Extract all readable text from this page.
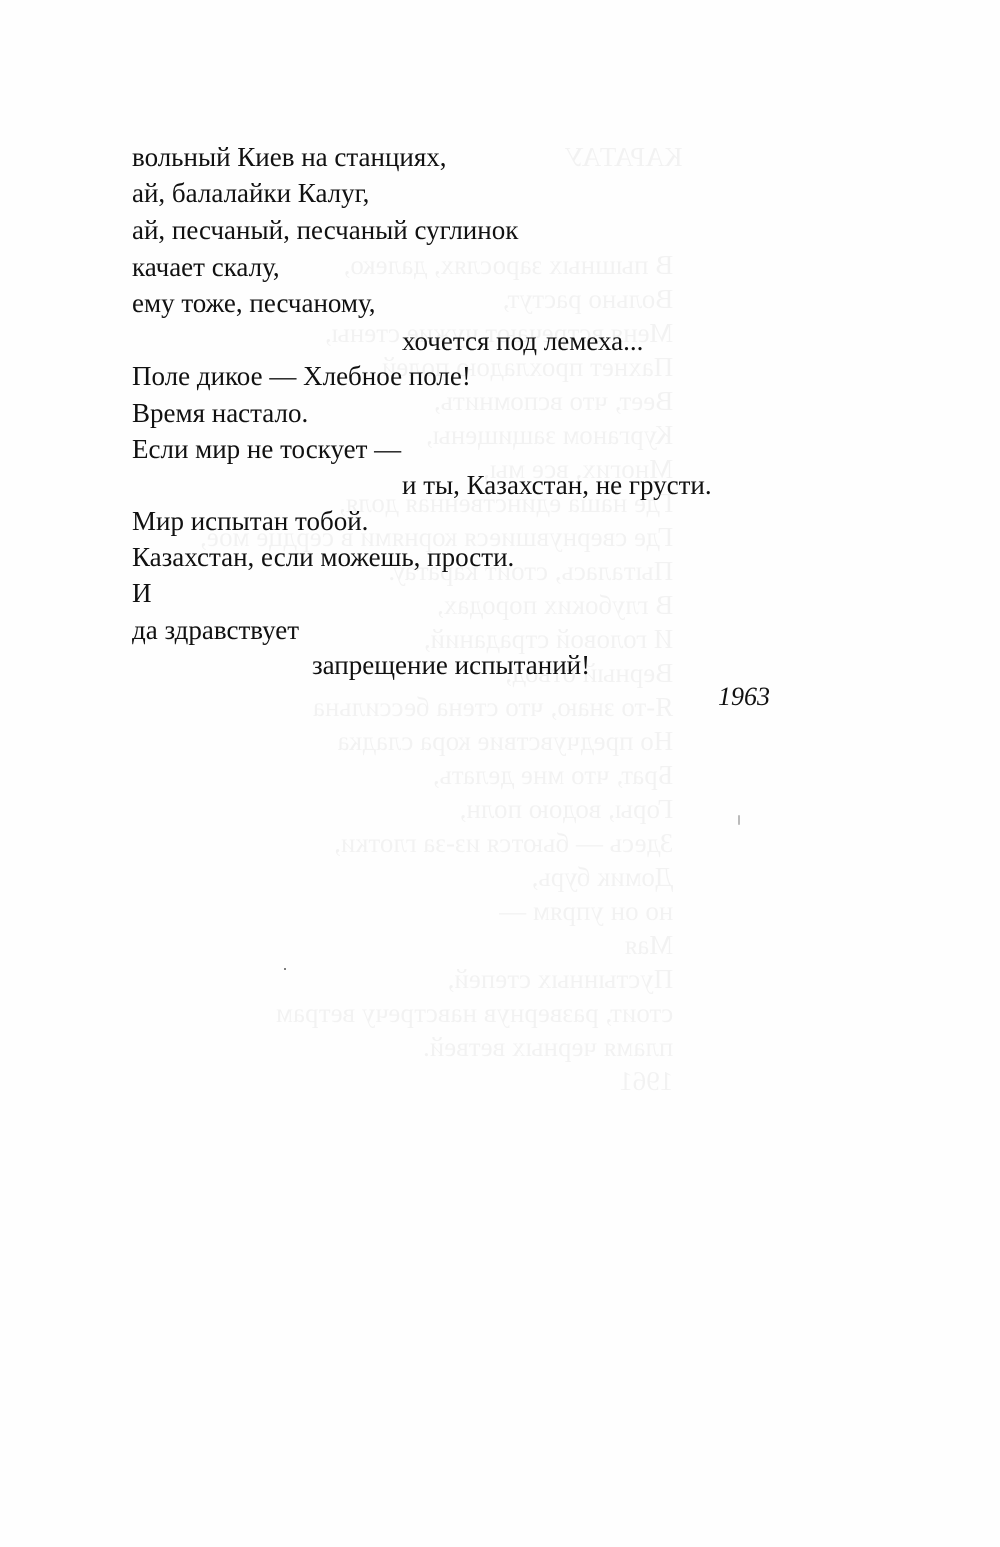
вольный Киев на станциях,
ай, балалайки Калуг,
ай, песчаный, песчаный суглинок
качает скалу,
ему тоже, песчаному,
хочется под лемеха...
Поле дикое — Хлебное поле!
Время настало.
Если мир не тоскует —
и ты, Казахстан, не грусти.
Мир испытан тобой.
Казахстан, если можешь, прости.
И
да здравствует
запрещение испытаний!
1963
